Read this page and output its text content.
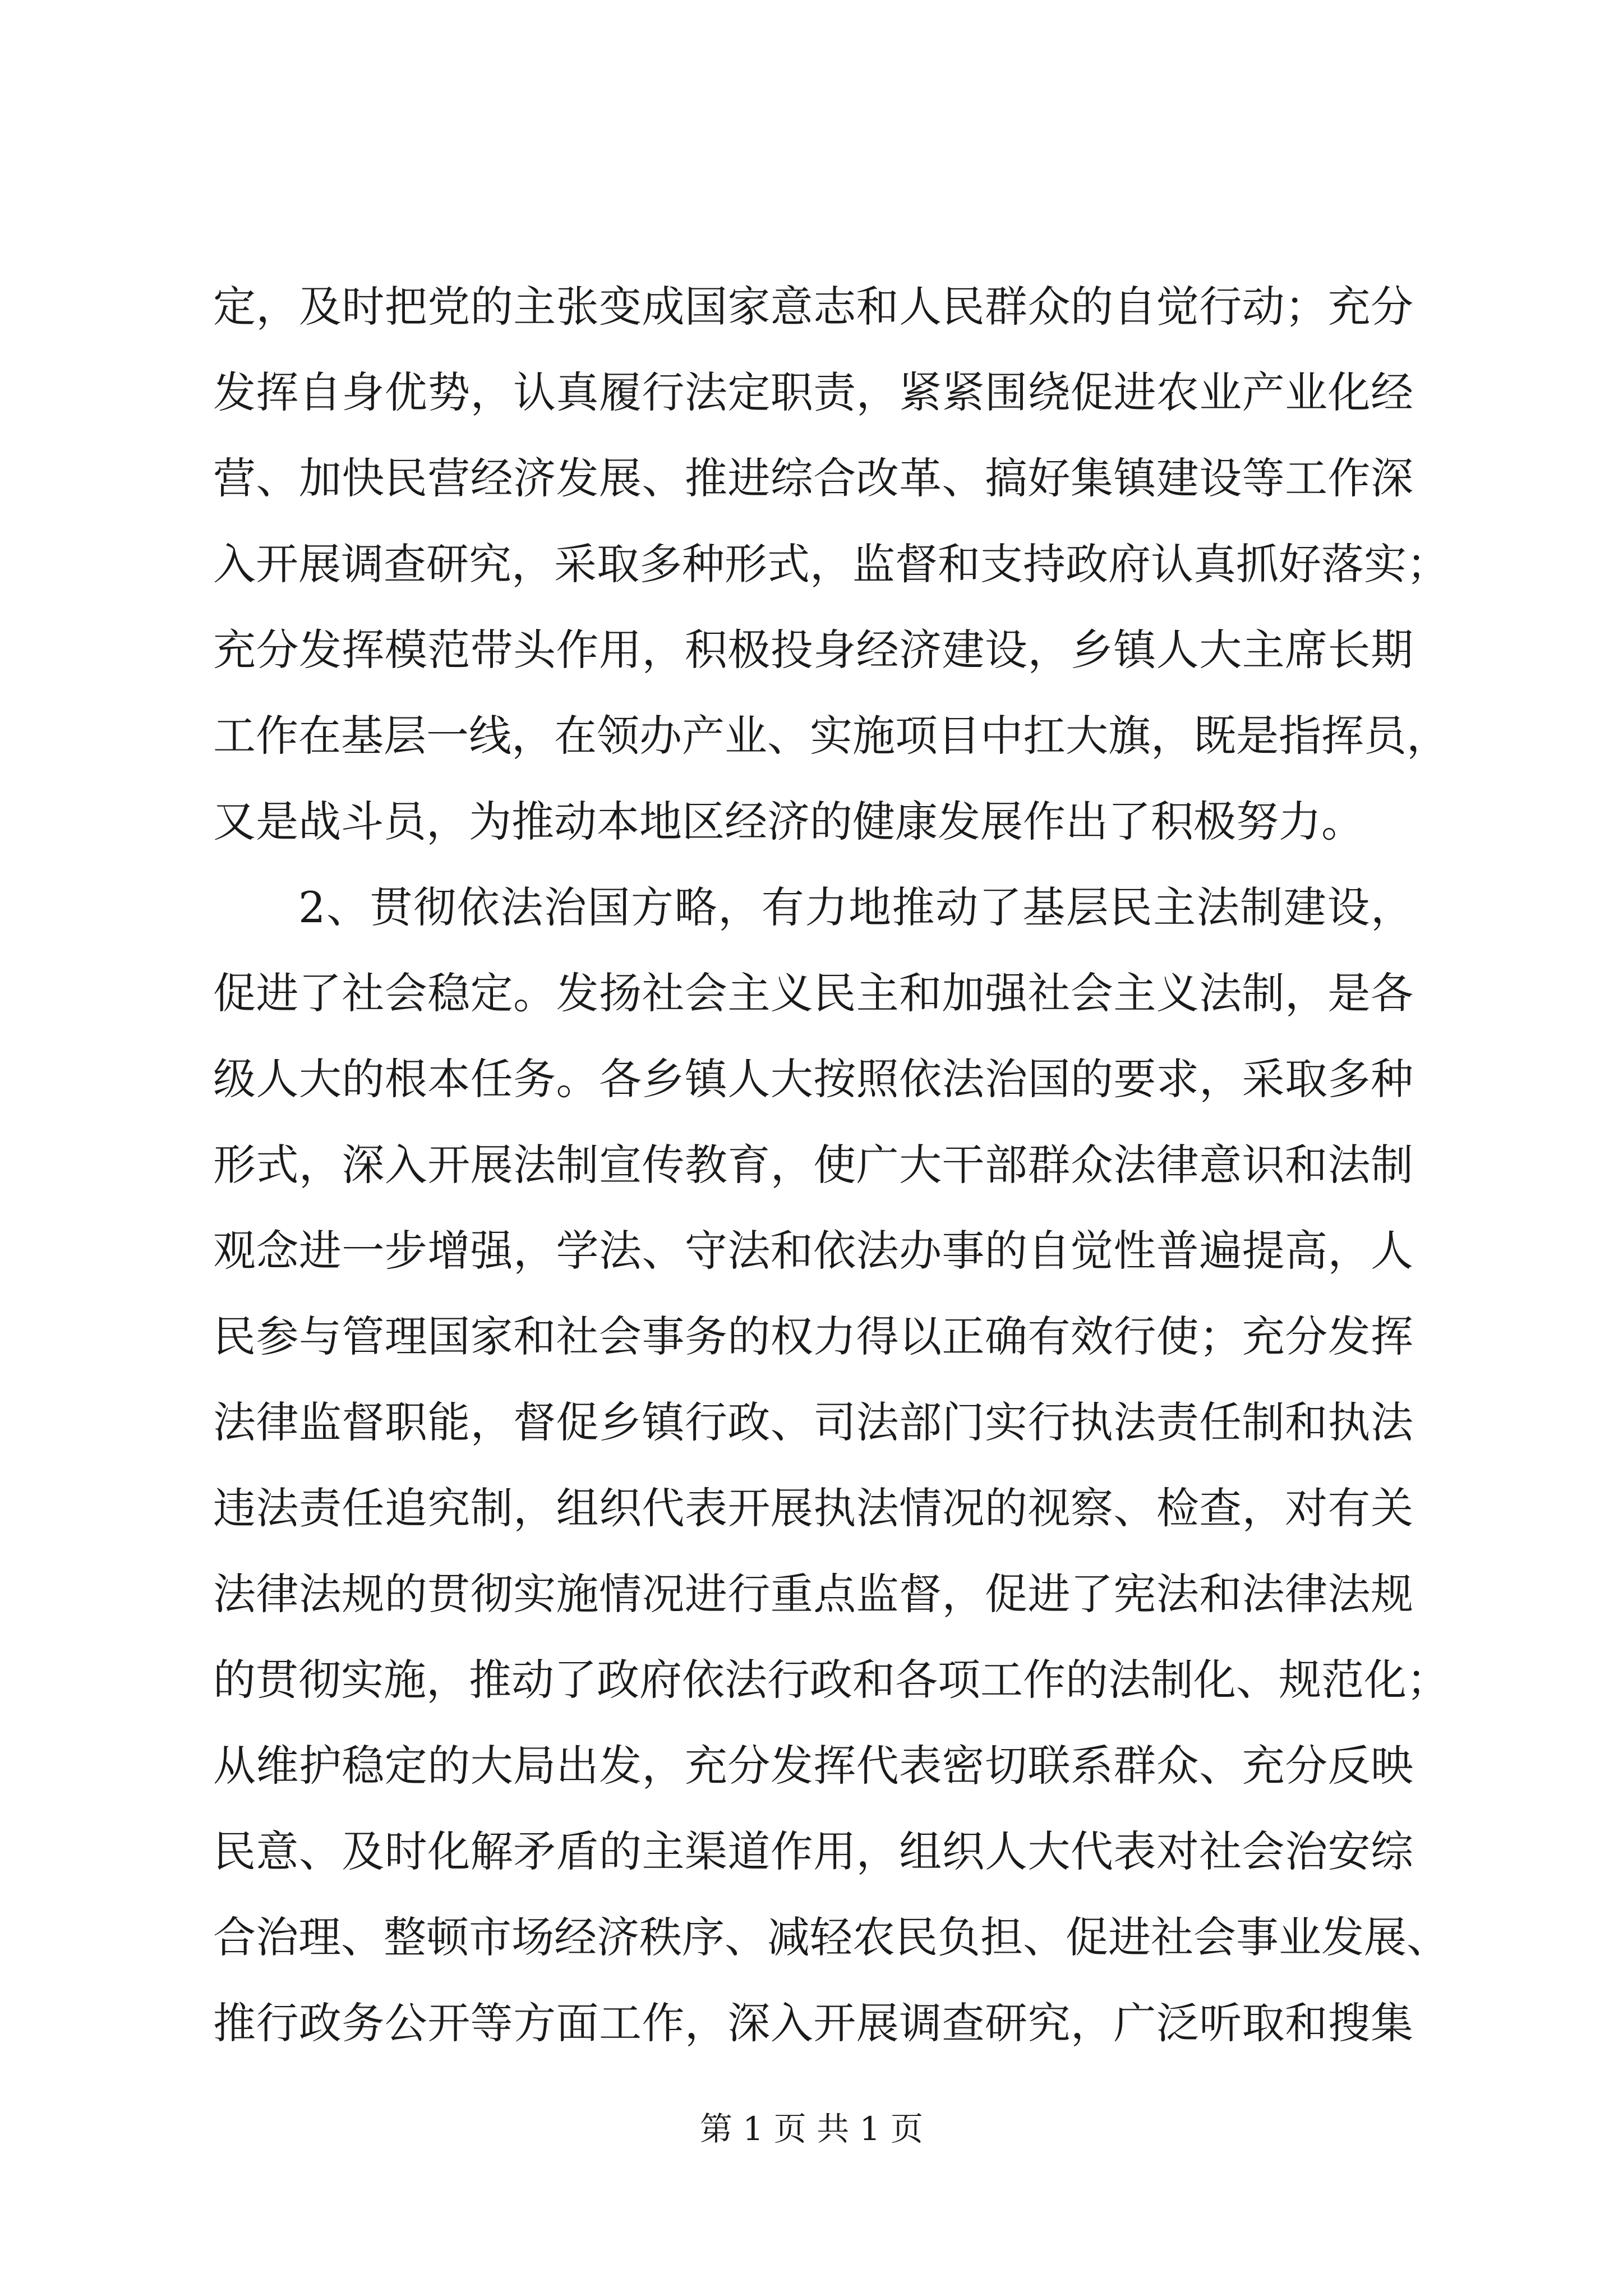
定，及时把党的主张变成国家意志和人民群众的自觉行动；充分
发挥自身优势，认真履行法定职责，紧紧围绕促进农业产业化经
营、加快民营经济发展、推进综合改革、搞好集镇建设等工作深
入开展调查研究，采取多种形式，监督和支持政府认真抓好落实；
充分发挥模范带头作用，积极投身经济建设，乡镇人大主席长期
工作在基层一线，在领办产业、实施项目中扛大旗，既是指挥员，
又是战斗员，为推动本地区经济的健康发展作出了积极努力。
2、贯彻依法治国方略，有力地推动了基层民主法制建设，
促进了社会稳定。发扬社会主义民主和加强社会主义法制，是各
级人大的根本任务。各乡镇人大按照依法治国的要求，采取多种
形式，深入开展法制宣传教育，使广大干部群众法律意识和法制
观念进一步增强，学法、守法和依法办事的自觉性普遍提高，人
民参与管理国家和社会事务的权力得以正确有效行使；充分发挥
法律监督职能，督促乡镇行政、司法部门实行执法责任制和执法
违法责任追究制，组织代表开展执法情况的视察、检查，对有关
法律法规的贯彻实施情况进行重点监督，促进了宪法和法律法规
的贯彻实施，推动了政府依法行政和各项工作的法制化、规范化；
从维护稳定的大局出发，充分发挥代表密切联系群众、充分反映
民意、及时化解矛盾的主渠道作用，组织人大代表对社会治安综
合治理、整顿市场经济秩序、减轻农民负担、促进社会事业发展、
推行政务公开等方面工作，深入开展调查研究，广泛听取和搜集
第 1 页 共 1 页
